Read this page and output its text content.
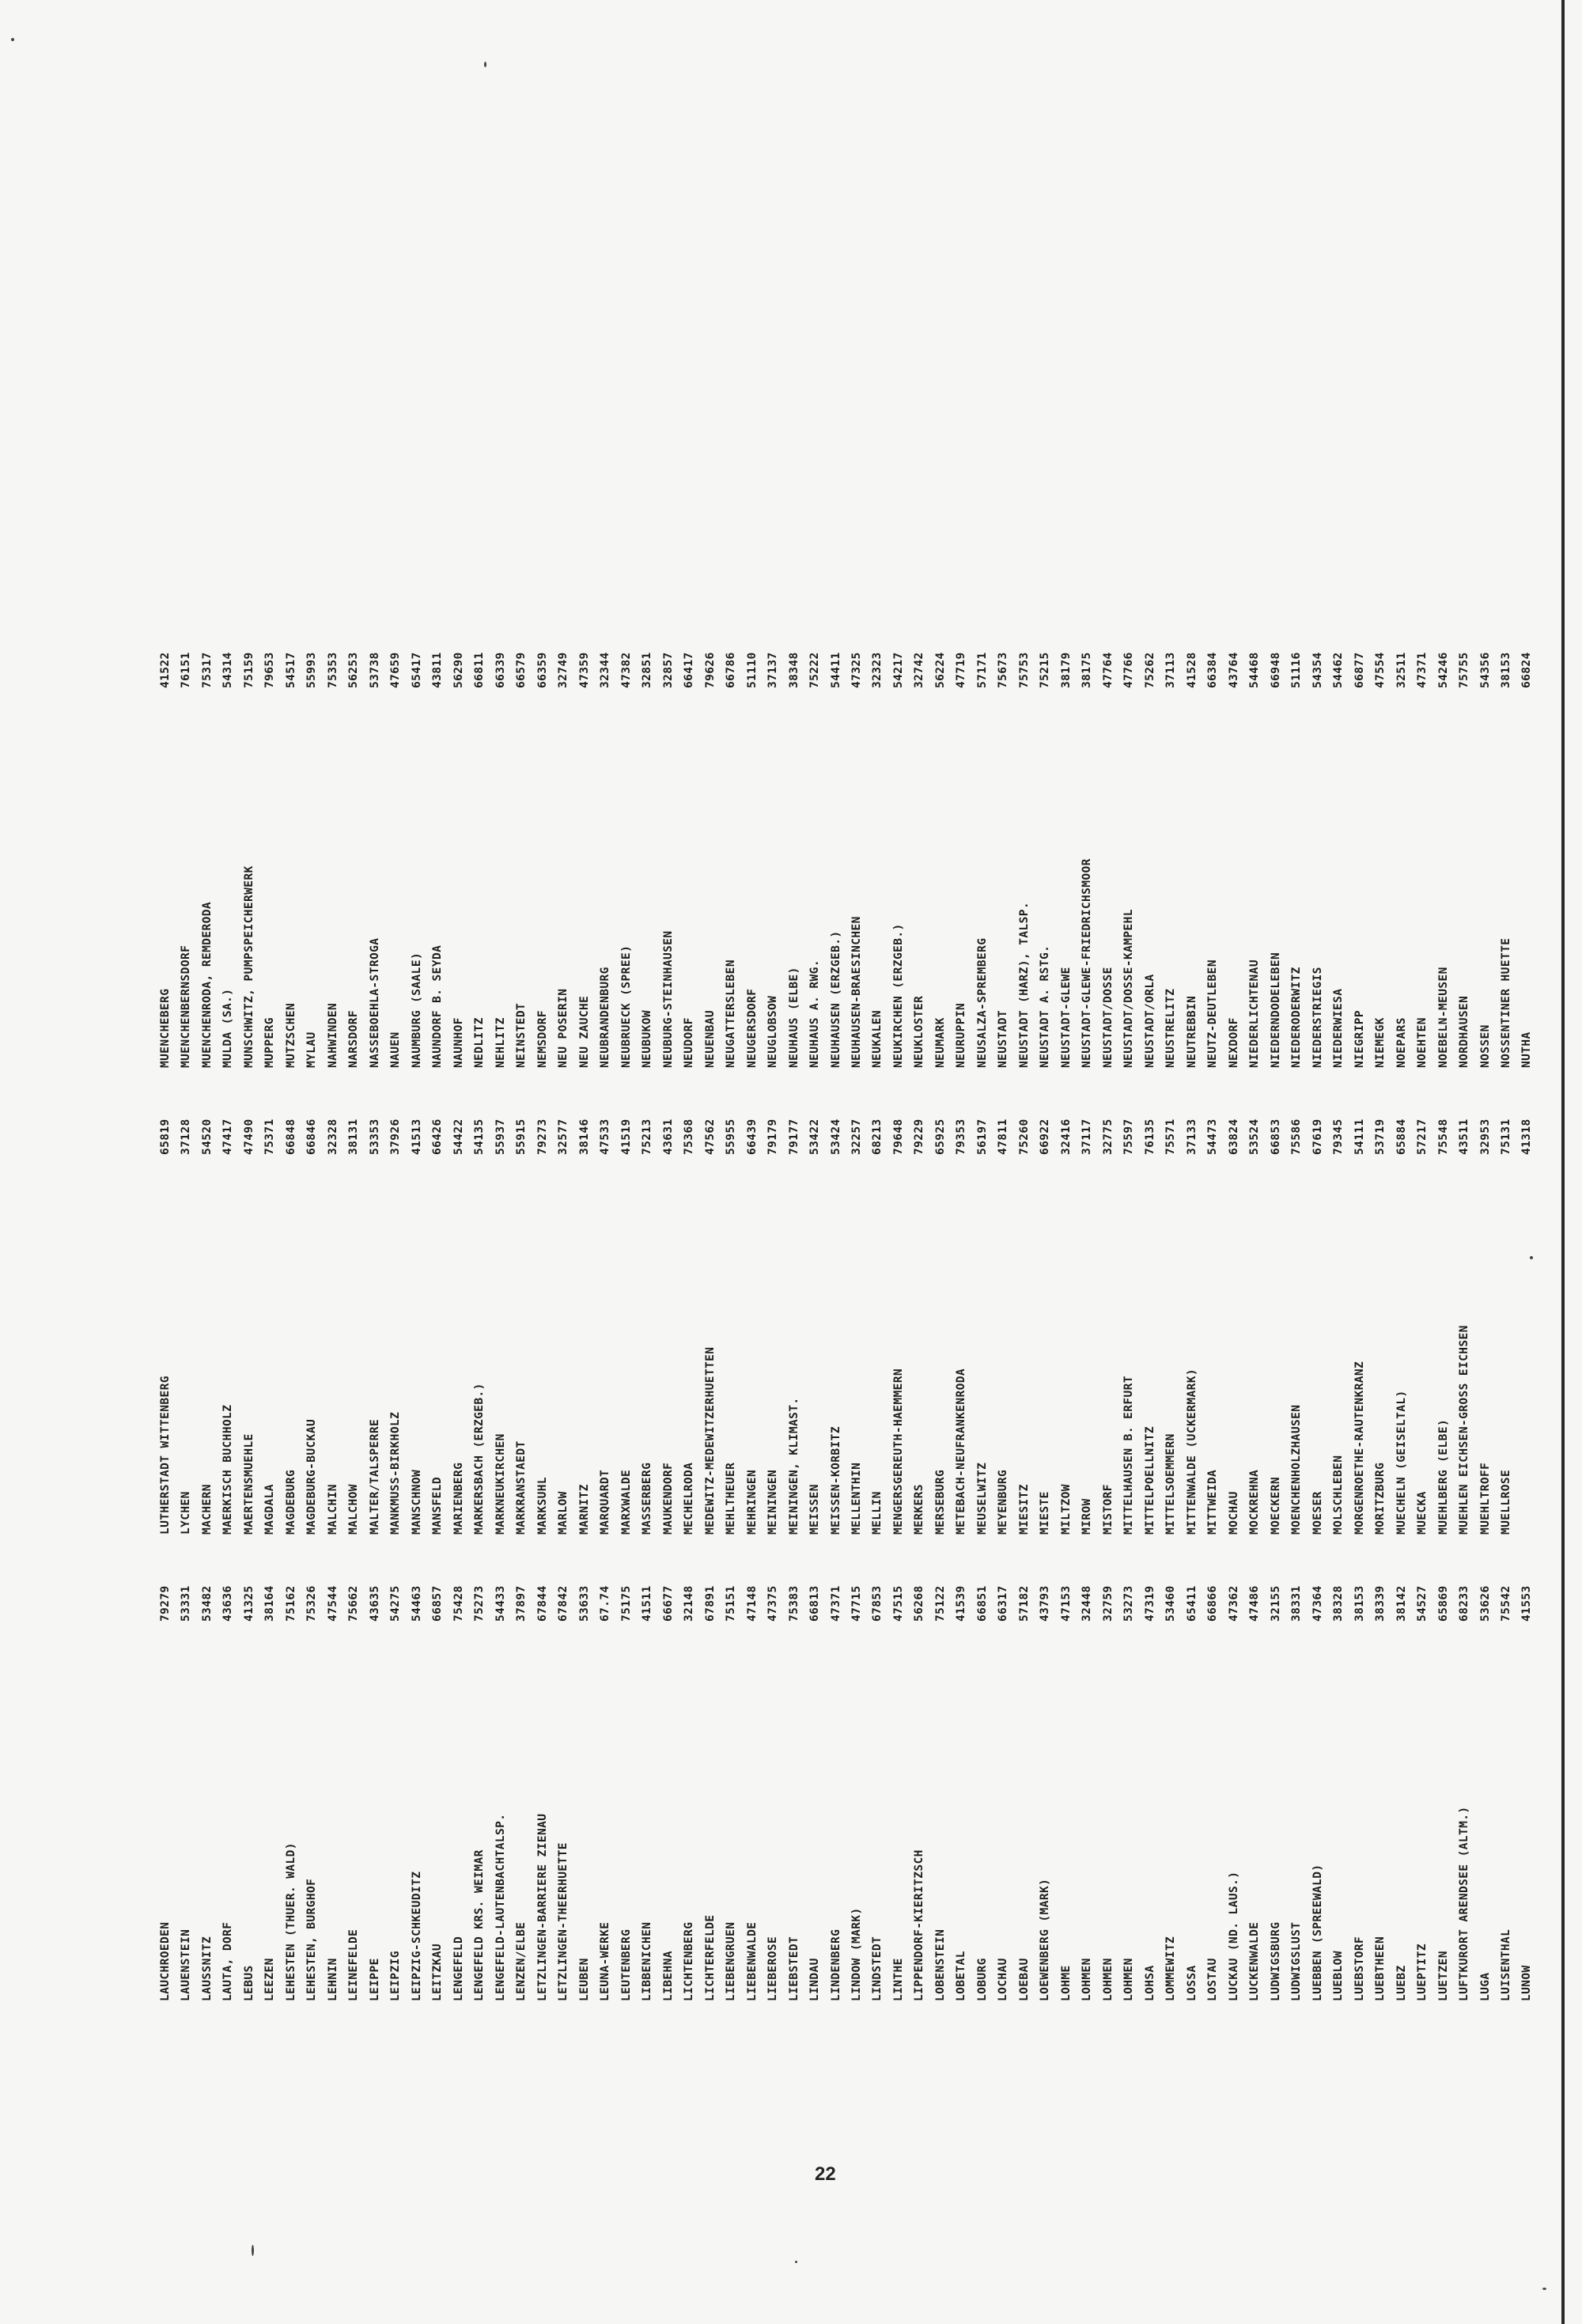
LAUCHROEDEN
79279
LAUENSTEIN
53331
LAUSSNITZ
53482
LAUTA, DORF
43636
LEBUS
41325
LEEZEN
38164
LEHESTEN (THUER. WALD)
75162
LEHESTEN, BURGHOF
75326
LEHNIN
47544
LEINEFELDE
75662
LEIPPE
43635
LEIPZIG
54275
LEIPZIG-SCHKEUDITZ
54463
LEITZKAU
66857
LENGEFELD
75428
LENGEFELD KRS. WEIMAR
75273
LENGEFELD-LAUTENBACHTALSP.
54433
LENZEN/ELBE
37897
LETZLINGEN-BARRIERE ZIENAU
67844
LETZLINGEN-THEERHUETTE
67842
LEUBEN
53633
LEUNA-WERKE
67.74
LEUTENBERG
75175
LIBBENICHEN
41511
LIBEHNA
66677
LICHTENBERG
32148
LICHTERFELDE
67891
LIEBENGRUEN
75151
LIEBENWALDE
47148
LIEBEROSE
47375
LIEBSTEDT
75383
LINDAU
66813
LINDENBERG
47371
LINDOW (MARK)
47715
LINDSTEDT
67853
LINTHE
47515
LIPPENDORF-KIERITZSCH
56268
LOBENSTEIN
75122
LOBETAL
41539
LOBURG
66851
LOCHAU
66317
LOEBAU
57182
LOEWENBERG (MARK)
43793
LOHME
47153
LOHMEN
32448
LOHMEN
32759
LOHMEN
53273
LOHSA
47319
LOMMEWITZ
53460
LOSSA
65411
LOSTAU
66866
LUCKAU (ND. LAUS.)
47362
LUCKENWALDE
47486
LUDWIGSBURG
32155
LUDWIGSLUST
38331
LUEBBEN (SPREEWALD)
47364
LUEBLOW
38328
LUEBSTORF
38153
LUEBTHEEN
38339
LUEBZ
38142
LUEPTITZ
54527
LUETZEN
65869
LUFTKURORT ARENDSEE (ALTM.)
68233
LUGA
53626
LUISENTHAL
75542
LUNOW
41553
LUTHERSTADT WITTENBERG
65819
LYCHEN
37128
MACHERN
54520
MAERKISCH BUCHHOLZ
47417
MAERTENSMUEHLE
47490
MAGDALA
75371
MAGDEBURG
66848
MAGDEBURG-BUCKAU
66846
MALCHIN
32328
MALCHOW
38131
MALTER/TALSPERRE
53353
MANKMUSS-BIRKHOLZ
37926
MANSCHNOW
41513
MANSFELD
66426
MARIENBERG
54422
MARKERSBACH (ERZGEB.)
54135
MARKNEUKIRCHEN
55937
MARKRANSTAEDT
55915
MARKSUHL
79273
MARLOW
32577
MARNITZ
38146
MARQUARDT
47533
MARXWALDE
41519
MASSERBERG
75213
MAUKENDORF
43631
MECHELRODA
75368
MEDEWITZ-MEDEWITZERHUETTEN
47562
MEHLTHEUER
55955
MEHRINGEN
66439
MEININGEN
79179
MEININGEN, KLIMAST.
79177
MEISSEN
53422
MEISSEN-KORBITZ
53424
MELLENTHIN
32257
MELLIN
68213
MENGERSGEREUTH-HAEMMERN
79648
MERKERS
79229
MERSEBURG
65925
METEBACH-NEUFRANKENRODA
79353
MEUSELWITZ
56197
MEYENBURG
47811
MIESITZ
75260
MIESTE
66922
MILTZOW
32416
MIROW
37117
MISTORF
32775
MITTELHAUSEN B. ERFURT
75597
MITTELPOELLNITZ
76135
MITTELSOEMMERN
75571
MITTENWALDE (UCKERMARK)
37133
MITTWEIDA
54473
MOCHAU
63824
MOCKREHNA
53524
MOECKERN
66853
MOENCHENHOLZHAUSEN
75586
MOESER
67619
MOLSCHLEBEN
79345
MORGENROETHE-RAUTENKRANZ
54111
MORITZBURG
53719
MUECHELN (GEISELTAL)
65884
MUECKA
57217
MUEHLBERG (ELBE)
75548
MUEHLEN EICHSEN-GROSS EICHSEN
43511
MUEHLTROFF
32953
MUELLROSE
75131 41318
MUENCHEBERG
41522
MUENCHENBERNSDORF
76151
MUENCHENRODA, REMDERODA
75317
MULDA (SA.)
54314
MUNSCHWITZ, PUMPSPEICHERWERK
75159
MUPPERG
79653
MUTZSCHEN
54517
MYLAU
55993
NAHWINDEN
75353
NARSDORF
56253
NASSEBOEHLA-STROGA
53738
NAUEN
47659
NAUMBURG (SAALE)
65417
NAUNDORF B. SEYDA
43811
NAUNHOF
56290
NEDLITZ
66811
NEHLITZ
66339
NEINSTEDT
66579
NEMSDORF
66359
NEU POSERIN
32749
NEU ZAUCHE
47359
NEUBRANDENBURG
32344
NEUBRUECK (SPREE)
47382
NEUBUKOW
32851
NEUBURG-STEINHAUSEN
32857
NEUDORF
66417
NEUENBAU
79626
NEUGATTERSLEBEN
66786
NEUGERSDORF
51110
NEUGLOBSOW
37137
NEUHAUS (ELBE)
38348
NEUHAUS A. RWG.
75222
NEUHAUSEN (ERZGEB.)
54411
NEUHAUSEN-BRAESINCHEN
47325
NEUKALEN
32323
NEUKIRCHEN (ERZGEB.)
54217
NEUKLOSTER
32742
NEUMARK
56224
NEURUPPIN
47719
NEUSALZA-SPREMBERG
57171
NEUSTADT
75673
NEUSTADT (HARZ), TALSP.
75753
NEUSTADT A. RSTG.
75215
NEUSTADT-GLEWE
38179
NEUSTADT-GLEWE-FRIEDRICHSMOOR
38175
NEUSTADT/DOSSE
47764
NEUSTADT/DOSSE-KAMPEHL
47766
NEUSTADT/ORLA
75262
NEUSTRELITZ
37113
NEUTREBBIN
41528
NEUTZ-DEUTLEBEN
66384
NEXDORF
43764
NIEDERLICHTENAU
54468
NIEDERNDODELEBEN
66948
NIEDERODERWITZ
51116
NIEDERSTRIEGIS
54354
NIEDERWIESA
54462
NIEGRIPP
66877
NIEMEGK
47554
NOEPARS
32511
NOEHTEN
47371
NOEBELN-MEUSEN
54246
NORDHAUSEN
75755
NOSSEN
54356
NOSSENTINER HUETTE
38153
NUTHA
66824
22
